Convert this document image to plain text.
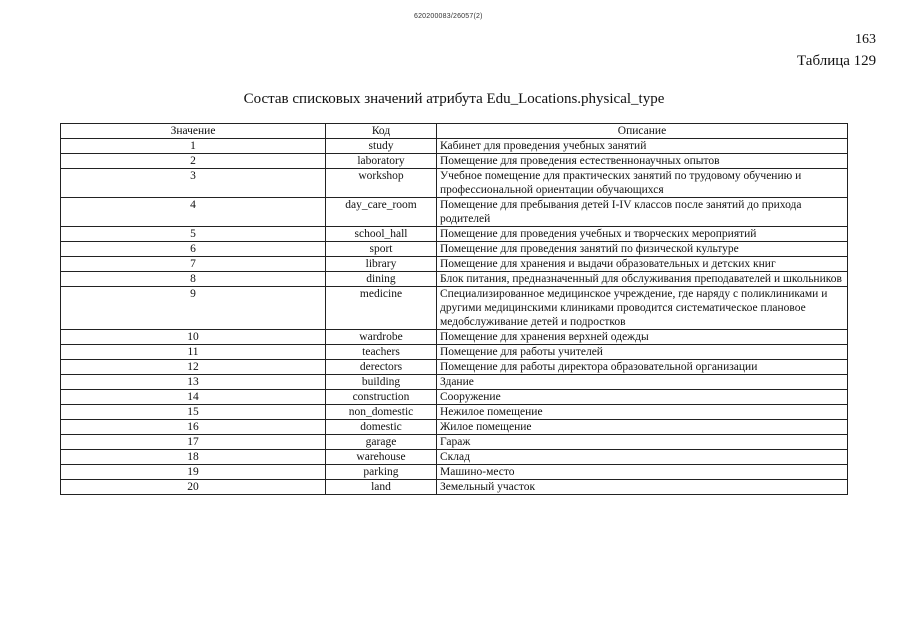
620200083/26057(2)
163
Таблица 129
Состав списковых значений атрибута Edu_Locations.physical_type
Значение	Код	Описание
1	study	Кабинет для проведения учебных занятий
2	laboratory	Помещение для проведения естественнонаучных опытов
3	workshop	Учебное помещение для практических занятий по трудовому обучению и профессиональной ориентации обучающихся
4	day_care_room	Помещение для пребывания детей I-IV классов после занятий до прихода родителей
5	school_hall	Помещение для проведения учебных и творческих мероприятий
6	sport	Помещение для проведения занятий по физической культуре
7	library	Помещение для хранения и выдачи образовательных и детских книг
8	dining	Блок питания, предназначенный для обслуживания преподавателей и школьников
9	medicine	Специализированное медицинское учреждение, где наряду с поликлиниками и другими медицинскими клиниками проводится систематическое плановое медобслуживание детей и подростков
10	wardrobe	Помещение для хранения верхней одежды
11	teachers	Помещение для работы учителей
12	derectors	Помещение для работы директора образовательной организации
13	building	Здание
14	construction	Сооружение
15	non_domestic	Нежилое помещение
16	domestic	Жилое помещение
17	garage	Гараж
18	warehouse	Склад
19	parking	Машино-место
20	land	Земельный участок
